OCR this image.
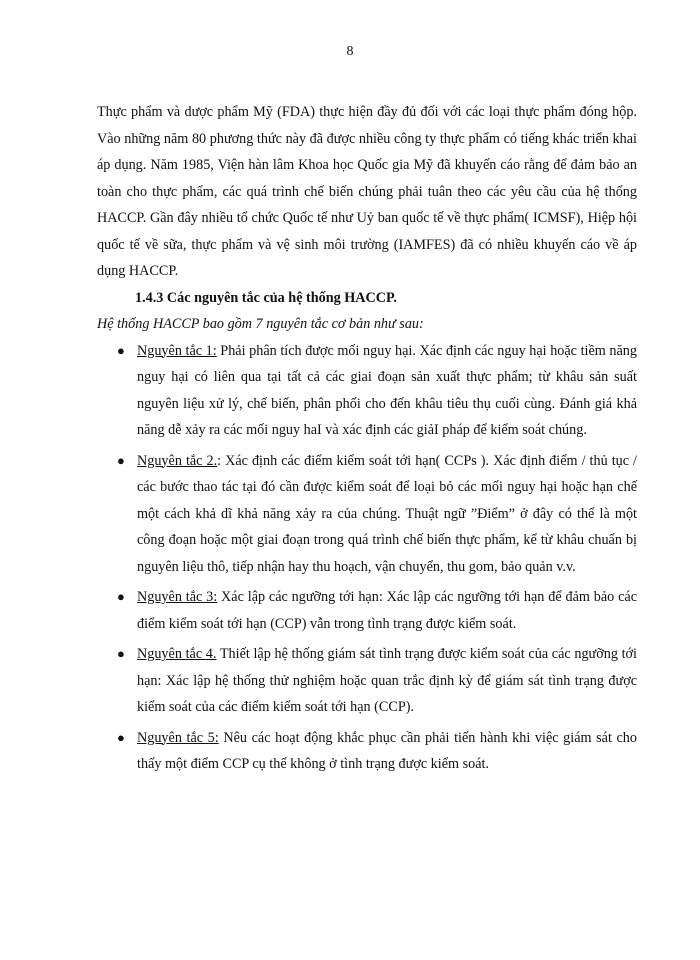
8

Thực phẩm và dược phẩm Mỹ (FDA) thực hiện đầy đủ đối với các loại thực phẩm đóng hộp. Vào những năm 80 phương thức này đã được nhiều công ty thực phẩm có tiếng khác triển khai áp dụng. Năm 1985, Viện hàn lâm Khoa học Quốc gia Mỹ đã khuyến cáo rằng để đảm bảo an toàn cho thực phẩm, các quá trình chế biến chúng phải tuân theo các yêu cầu của hệ thống HACCP. Gần đây nhiều tổ chức Quốc tế như Uỷ ban quốc tế về thực phẩm( ICMSF), Hiệp hội quốc tế về sữa, thực phẩm và vệ sinh môi trường (IAMFES) đã có nhiều khuyến cáo về áp dụng HACCP.

1.4.3 Các nguyên tắc của hệ thống HACCP.

Hệ thống HACCP bao gồm 7 nguyên tắc cơ bản như sau:

● Nguyên tắc 1: Phải phân tích được mối nguy hại. Xác định các nguy hại hoặc tiềm năng nguy hại có liên qua tại tất cả các giai đoạn sản xuất thực phẩm; từ khâu sản suất nguyên liệu xử lý, chế biến, phân phối cho đến khâu tiêu thụ cuối cùng. Đánh giá khả năng dễ xảy ra các mối nguy haI và xác định các giảI pháp để kiểm soát chúng.
● Nguyên tắc 2.: Xác định các điểm kiểm soát tới hạn( CCPs ). Xác định điểm / thủ tục / các bước thao tác tại đó cần được kiểm soát để loại bỏ các mối nguy hại hoặc hạn chế một cách khả dĩ khả năng xảy ra của chúng. Thuật ngữ ”Điểm” ở đây có thể là một công đoạn hoặc một giai đoạn trong quá trình chế biến thực phẩm, kể từ khâu chuẩn bị nguyên liệu thô, tiếp nhận hay thu hoạch, vận chuyển, thu gom, bảo quản v.v.
● Nguyên tắc 3: Xác lập các ngưỡng tới hạn: Xác lập các ngưỡng tới hạn để đảm bảo các điểm kiểm soát tới hạn (CCP) vẫn trong tình trạng được kiểm soát.
● Nguyên tắc 4. Thiết lập hệ thống giám sát tình trạng được kiểm soát của các ngưỡng tới hạn: Xác lập hệ thống thử nghiệm hoặc quan trắc định kỳ để giám sát tình trạng được kiểm soát của các điểm kiểm soát tới hạn (CCP).
● Nguyên tắc 5: Nêu các hoạt động khắc phục cần phải tiến hành khi việc giám sát cho thấy một điểm CCP cụ thể không ở tình trạng được kiểm soát.
